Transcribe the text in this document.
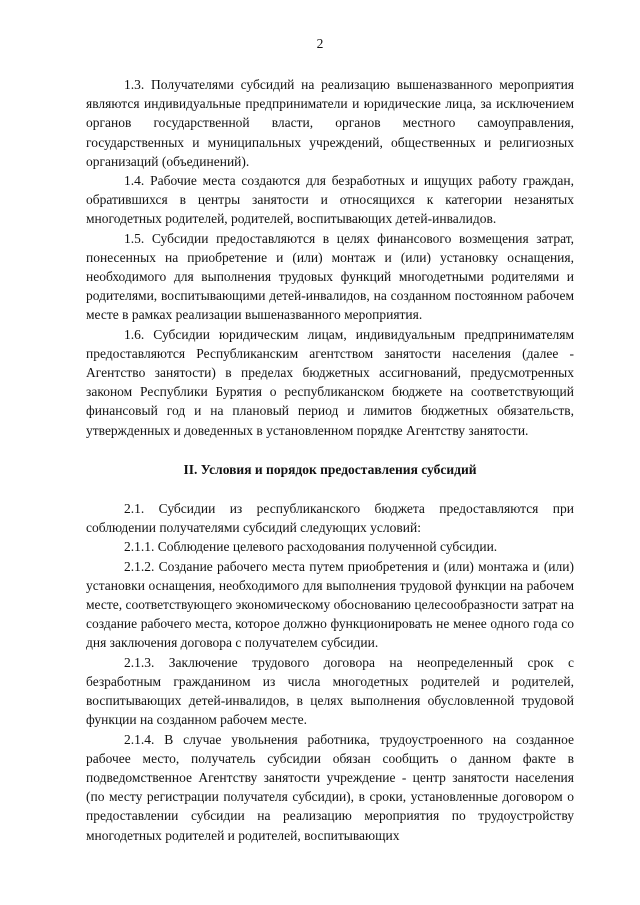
2

1.3. Получателями субсидий на реализацию вышеназванного мероприятия являются индивидуальные предприниматели и юридические лица, за исключением органов государственной власти, органов местного самоуправления, государственных и муниципальных учреждений, общественных и религиозных организаций (объединений).

1.4. Рабочие места создаются для безработных и ищущих работу граждан, обратившихся в центры занятости и относящихся к категории незанятых многодетных родителей, родителей, воспитывающих детей-инвалидов.

1.5. Субсидии предоставляются в целях финансового возмещения затрат, понесенных на приобретение и (или) монтаж и (или) установку оснащения, необходимого для выполнения трудовых функций многодетными родителями и родителями, воспитывающими детей-инвалидов, на созданном постоянном рабочем месте в рамках реализации вышеназванного мероприятия.

1.6. Субсидии юридическим лицам, индивидуальным предпринимателям предоставляются Республиканским агентством занятости населения (далее - Агентство занятости) в пределах бюджетных ассигнований, предусмотренных законом Республики Бурятия о республиканском бюджете на соответствующий финансовый год и на плановый период и лимитов бюджетных обязательств, утвержденных и доведенных в установленном порядке Агентству занятости.

II. Условия и порядок предоставления субсидий

2.1. Субсидии из республиканского бюджета предоставляются при соблюдении получателями субсидий следующих условий:

2.1.1. Соблюдение целевого расходования полученной субсидии.

2.1.2. Создание рабочего места путем приобретения и (или) монтажа и (или) установки оснащения, необходимого для выполнения трудовой функции на рабочем месте, соответствующего экономическому обоснованию целесообразности затрат на создание рабочего места, которое должно функционировать не менее одного года со дня заключения договора с получателем субсидии.

2.1.3. Заключение трудового договора на неопределенный срок с безработным гражданином из числа многодетных родителей и родителей, воспитывающих детей-инвалидов, в целях выполнения обусловленной трудовой функции на созданном рабочем месте.

2.1.4. В случае увольнения работника, трудоустроенного на созданное рабочее место, получатель субсидии обязан сообщить о данном факте в подведомственное Агентству занятости учреждение - центр занятости населения (по месту регистрации получателя субсидии), в сроки, установленные договором о предоставлении субсидии на реализацию мероприятия по трудоустройству многодетных родителей и родителей, воспитывающих
